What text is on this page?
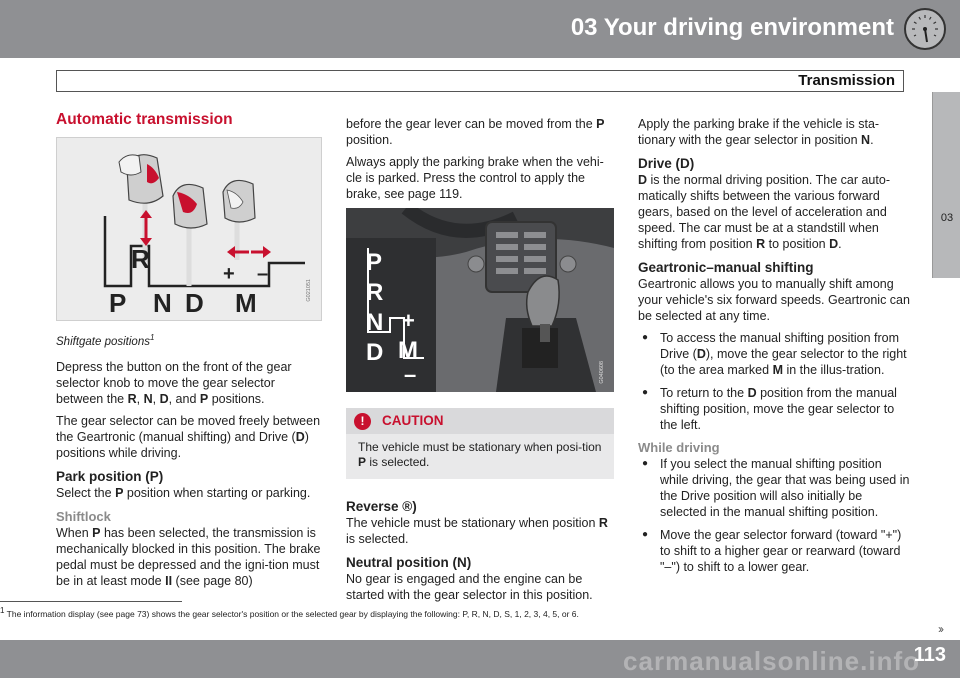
03 Your driving environment
Transmission
03
Automatic transmission
R	+ –
P N D M	G021051
Shiftgate positions$^1$

Depress the button on the front of the gear selector knob to move the gear selector between the R, N, D, and P positions.

The gear selector can be moved freely between the Geartronic (manual shifting) and Drive (D) positions while driving.

Park position (P)

Select the P position when starting or parking.

Shiftlock

When P has been selected, the transmission is mechanically blocked in this position. The brake pedal must be depressed and the igni-tion must be in at least mode II (see page 80)

before the gear lever can be moved from the P position.

Always apply the parking brake when the vehi-cle is parked. Press the control to apply the brake, see page 119.

P
R
N
D
+
M
–	G040608
!	CAUTION
The vehicle must be stationary when posi-tion P is selected.
Reverse ®)

The vehicle must be stationary when position R is selected.

Neutral position (N)

No gear is engaged and the engine can be started with the gear selector in this position.

Apply the parking brake if the vehicle is sta-tionary with the gear selector in position N.

Drive (D)

D is the normal driving position. The car auto-matically shifts between the various forward gears, based on the level of acceleration and speed. The car must be at a standstill when shifting from position R to position D.

Geartronic–manual shifting

Geartronic allows you to manually shift among your vehicle's six forward speeds. Geartronic can be selected at any time.

● To access the manual shifting position from Drive (D), move the gear selector to the right (to the area marked M in the illus-tration.
● To return to the D position from the manual shifting position, move the gear selector to the left.
While driving
● If you select the manual shifting position while driving, the gear that was being used in the Drive position will also initially be selected in the manual shifting position.
● Move the gear selector forward (toward "+") to shift to a higher gear or rearward (toward "–") to shift to a lower gear.
$^1$ The information display (see page 73) shows the gear selector's position or the selected gear by displaying the following: P, R, N, D, S, 1, 2, 3, 4, 5, or 6.
››
carmanualsonline.info
113
